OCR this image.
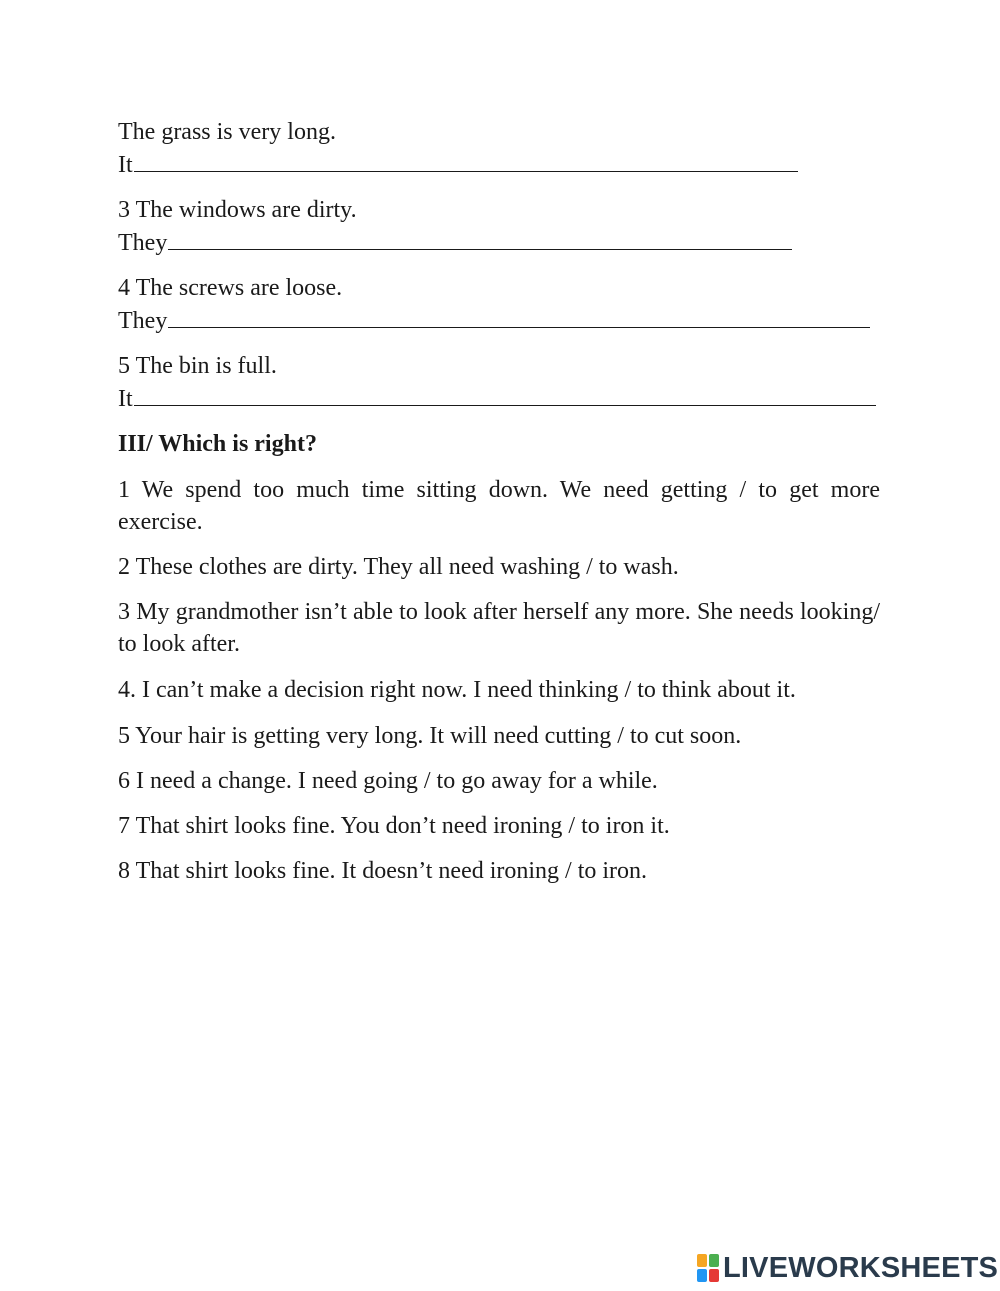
The grass is very long.
It
3 The windows are dirty.
They
4 The screws are loose.
They
5 The bin is full.
It
III/ Which is right?
1 We spend too much time sitting down. We need getting / to get more exercise.
2 These clothes are dirty. They all need washing / to wash.
3 My grandmother isn’t able to look after herself any more. She needs looking/ to look after.
4. I can’t make a decision right now. I need thinking / to think about it.
5 Your hair is getting very long. It will need cutting / to cut soon.
6 I need a change. I need going / to go away for a while.
7 That shirt looks fine. You don’t need ironing / to iron it.
8 That shirt looks fine. It doesn’t need ironing / to iron.
LIVEWORKSHEETS
